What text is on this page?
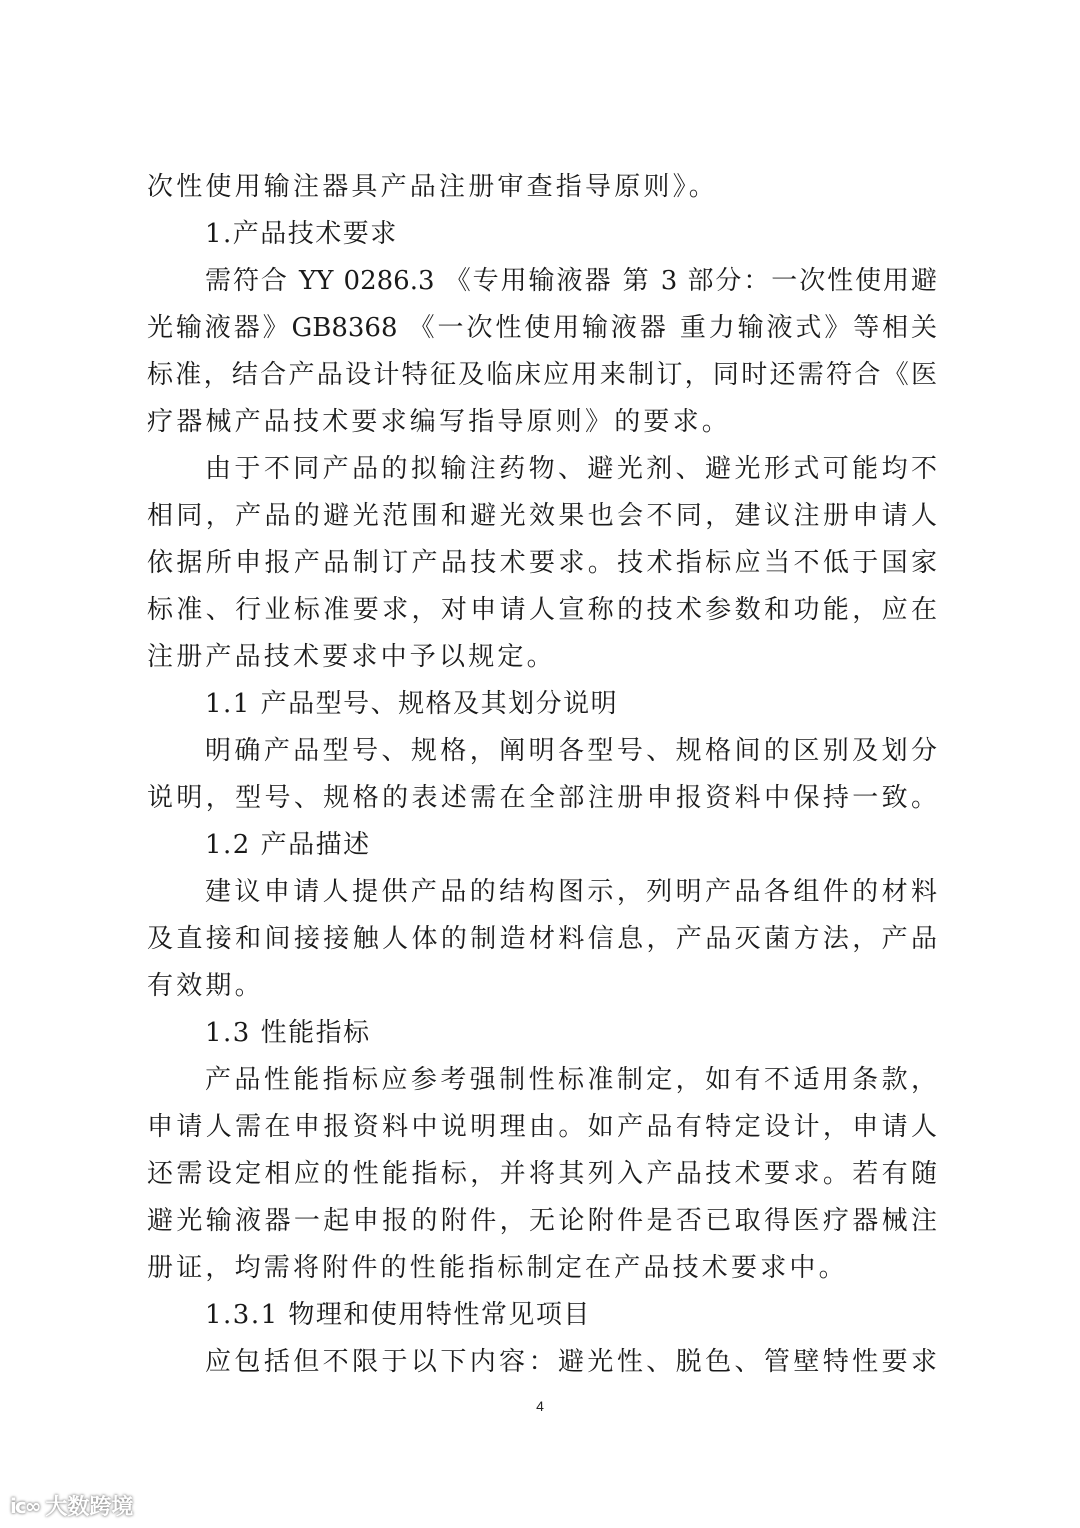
次性使用输注器具产品注册审查指导原则》。
1.产品技术要求
需符合 YY 0286.3 《专用输液器 第 3 部分：一次性使用避
光输液器》GB8368 《一次性使用输液器 重力输液式》等相关
标准，结合产品设计特征及临床应用来制订，同时还需符合《医
疗器械产品技术要求编写指导原则》的要求。
由于不同产品的拟输注药物、避光剂、避光形式可能均不
相同，产品的避光范围和避光效果也会不同，建议注册申请人
依据所申报产品制订产品技术要求。技术指标应当不低于国家
标准、行业标准要求，对申请人宣称的技术参数和功能，应在
注册产品技术要求中予以规定。
1.1 产品型号、规格及其划分说明
明确产品型号、规格，阐明各型号、规格间的区别及划分
说明，型号、规格的表述需在全部注册申报资料中保持一致。
1.2 产品描述
建议申请人提供产品的结构图示，列明产品各组件的材料
及直接和间接接触人体的制造材料信息，产品灭菌方法，产品
有效期。
1.3 性能指标
产品性能指标应参考强制性标准制定，如有不适用条款，
申请人需在申报资料中说明理由。如产品有特定设计，申请人
还需设定相应的性能指标，并将其列入产品技术要求。若有随
避光输液器一起申报的附件，无论附件是否已取得医疗器械注
册证，均需将附件的性能指标制定在产品技术要求中。
1.3.1 物理和使用特性常见项目
应包括但不限于以下内容：避光性、脱色、管壁特性要求
4
ic∞ 大数跨境
